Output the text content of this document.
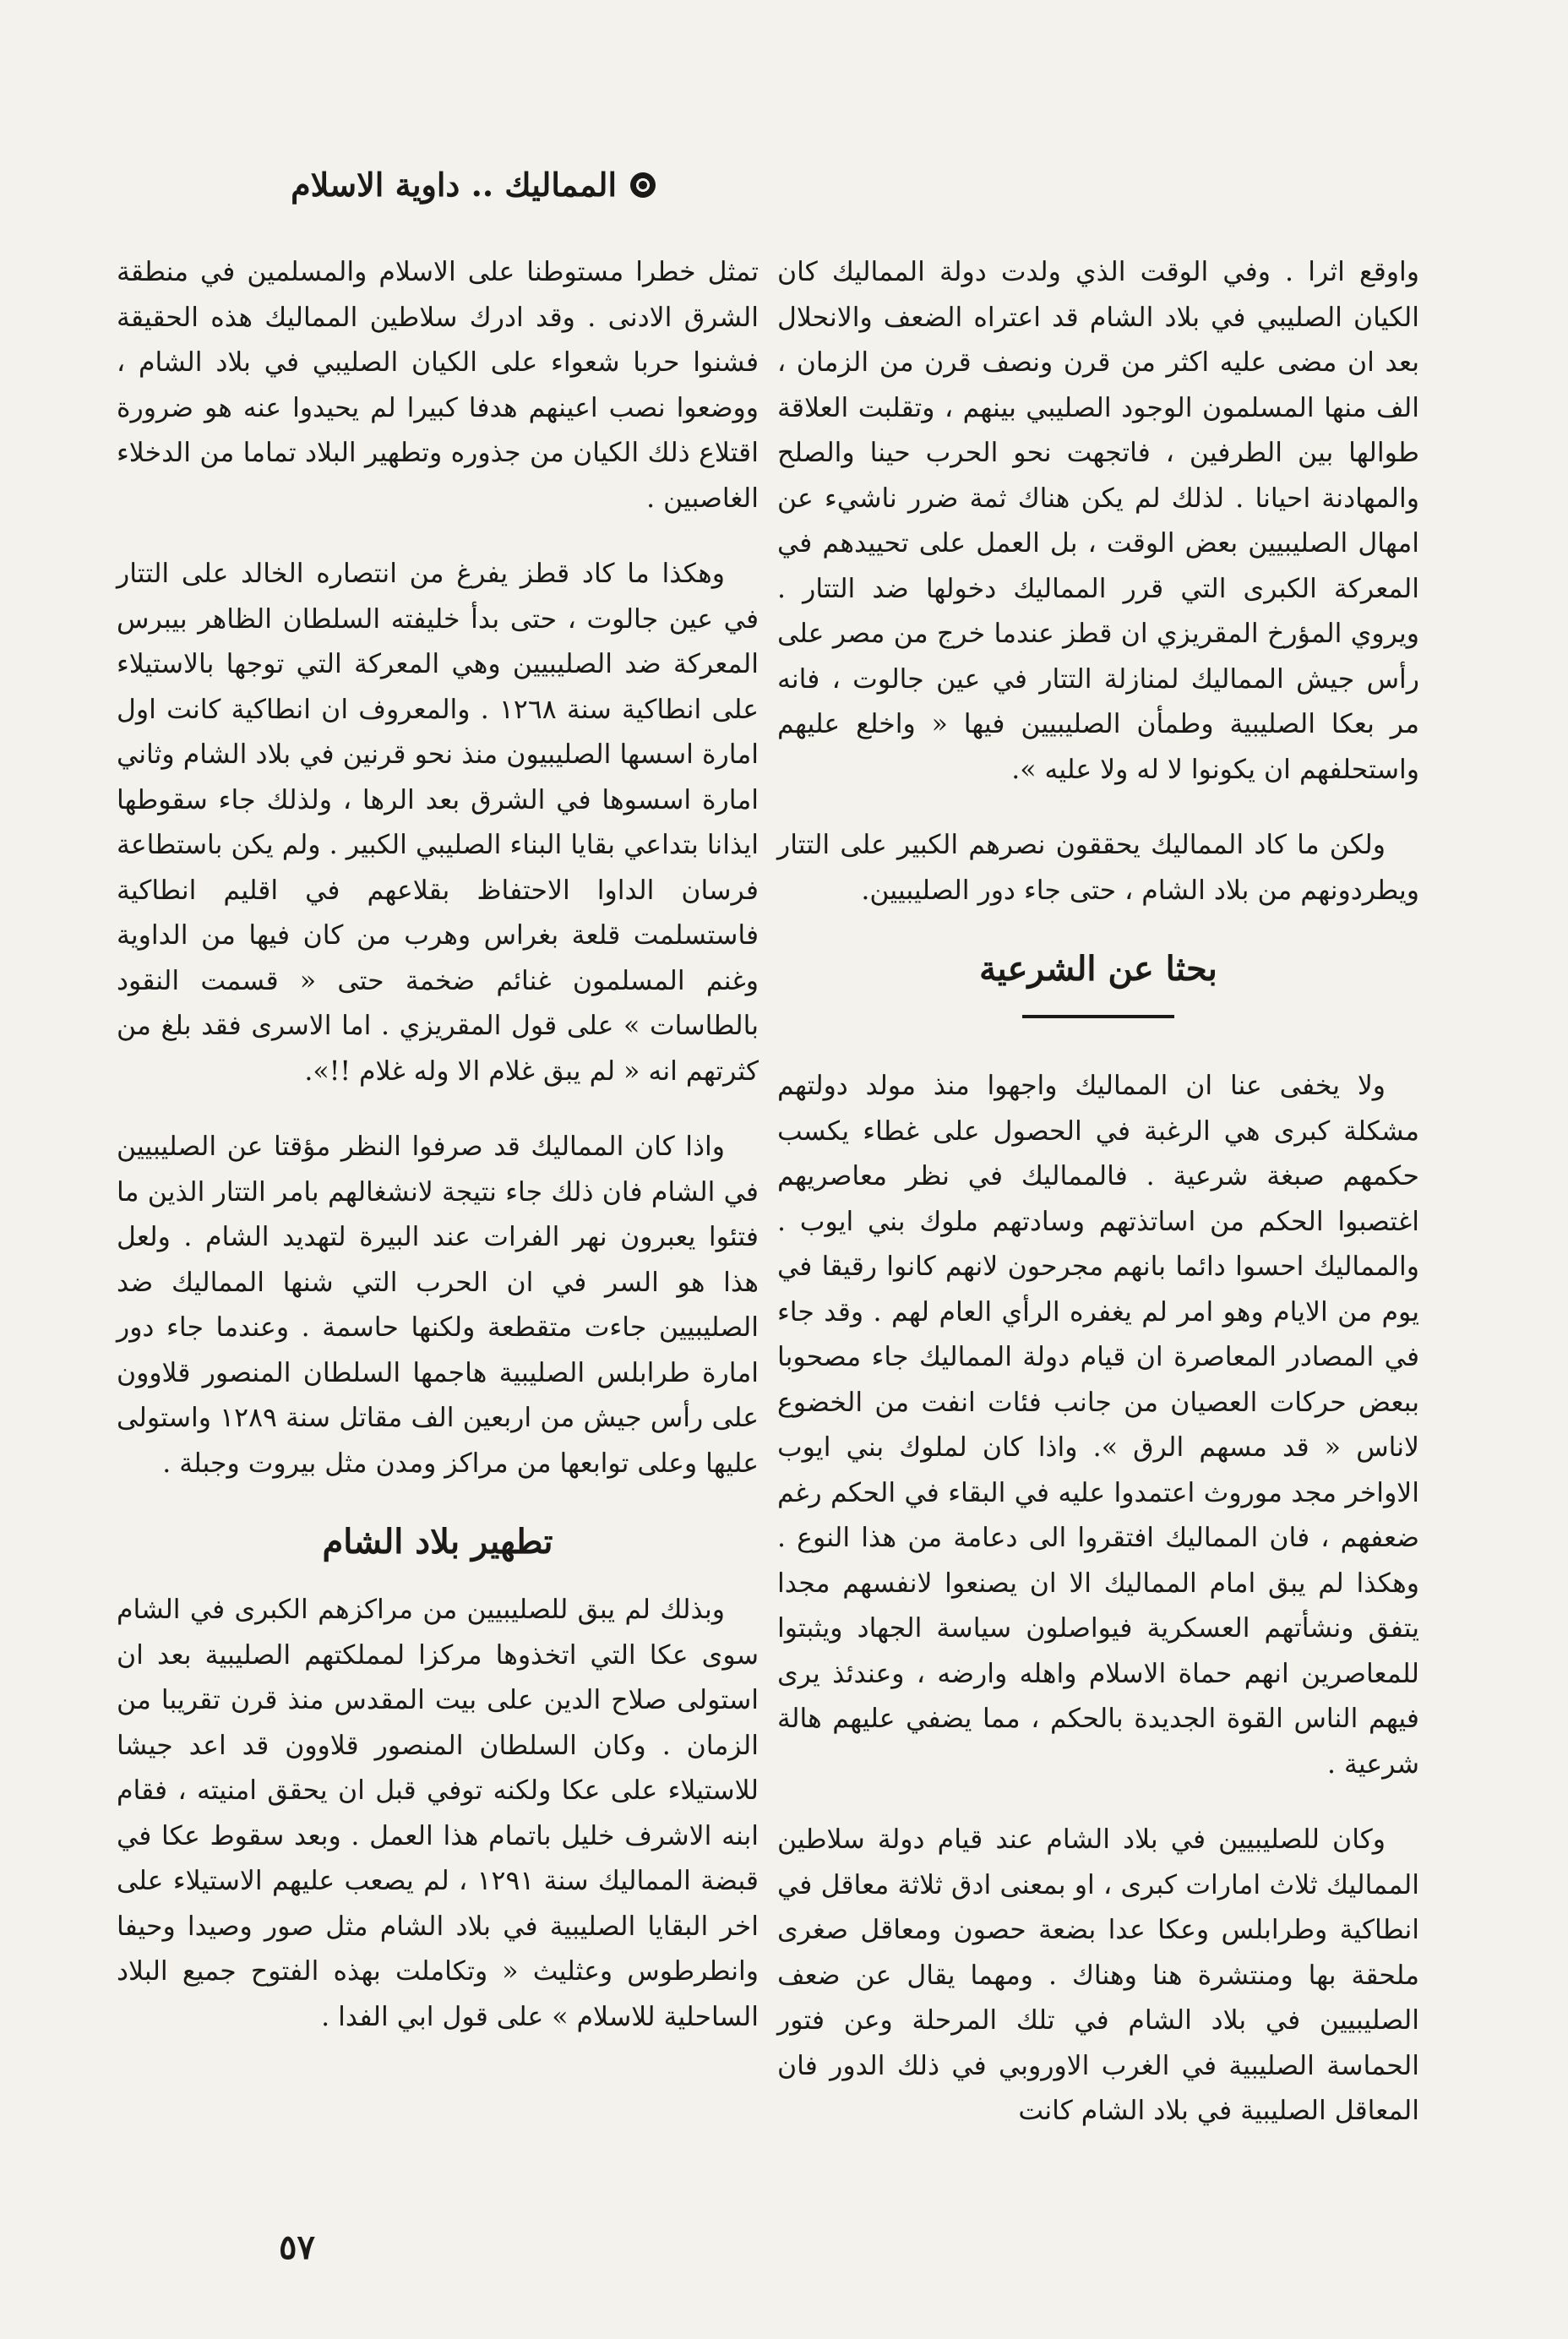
المماليك .. داوية الاسلام

واوقع اثرا . وفي الوقت الذي ولدت دولة المماليك كان الكيان الصليبي في بلاد الشام قد اعتراه الضعف والانحلال بعد ان مضى عليه اكثر من قرن ونصف قرن من الزمان ، الف منها المسلمون الوجود الصليبي بينهم ، وتقلبت العلاقة طوالها بين الطرفين ، فاتجهت نحو الحرب حينا والصلح والمهادنة احيانا . لذلك لم يكن هناك ثمة ضرر ناشيء عن امهال الصليبيين بعض الوقت ، بل العمل على تحييدهم في المعركة الكبرى التي قرر المماليك دخولها ضد التتار . ويروي المؤرخ المقريزي ان قطز عندما خرج من مصر على رأس جيش المماليك لمنازلة التتار في عين جالوت ، فانه مر بعكا الصليبية وطمأن الصليبيين فيها « واخلع عليهم واستحلفهم ان يكونوا لا له ولا عليه ».

ولكن ما كاد المماليك يحققون نصرهم الكبير على التتار ويطردونهم من بلاد الشام ، حتى جاء دور الصليبيين.

بحثا عن الشرعية

ولا يخفى عنا ان المماليك واجهوا منذ مولد دولتهم مشكلة كبرى هي الرغبة في الحصول على غطاء يكسب حكمهم صبغة شرعية . فالمماليك في نظر معاصريهم اغتصبوا الحكم من اساتذتهم وسادتهم ملوك بني ايوب . والمماليك احسوا دائما بانهم مجرحون لانهم كانوا رقيقا في يوم من الايام وهو امر لم يغفره الرأي العام لهم . وقد جاء في المصادر المعاصرة ان قيام دولة المماليك جاء مصحوبا ببعض حركات العصيان من جانب فئات انفت من الخضوع لاناس « قد مسهم الرق ». واذا كان لملوك بني ايوب الاواخر مجد موروث اعتمدوا عليه في البقاء في الحكم رغم ضعفهم ، فان المماليك افتقروا الى دعامة من هذا النوع . وهكذا لم يبق امام المماليك الا ان يصنعوا لانفسهم مجدا يتفق ونشأتهم العسكرية فيواصلون سياسة الجهاد ويثبتوا للمعاصرين انهم حماة الاسلام واهله وارضه ، وعندئذ يرى فيهم الناس القوة الجديدة بالحكم ، مما يضفي عليهم هالة شرعية .

وكان للصليبيين في بلاد الشام عند قيام دولة سلاطين المماليك ثلاث امارات كبرى ، او بمعنى ادق ثلاثة معاقل في انطاكية وطرابلس وعكا عدا بضعة حصون ومعاقل صغرى ملحقة بها ومنتشرة هنا وهناك . ومهما يقال عن ضعف الصليبيين في بلاد الشام في تلك المرحلة وعن فتور الحماسة الصليبية في الغرب الاوروبي في ذلك الدور فان المعاقل الصليبية في بلاد الشام كانت

تمثل خطرا مستوطنا على الاسلام والمسلمين في منطقة الشرق الادنى . وقد ادرك سلاطين المماليك هذه الحقيقة فشنوا حربا شعواء على الكيان الصليبي في بلاد الشام ، ووضعوا نصب اعينهم هدفا كبيرا لم يحيدوا عنه هو ضرورة اقتلاع ذلك الكيان من جذوره وتطهير البلاد تماما من الدخلاء الغاصبين .

وهكذا ما كاد قطز يفرغ من انتصاره الخالد على التتار في عين جالوت ، حتى بدأ خليفته السلطان الظاهر بيبرس المعركة ضد الصليبيين وهي المعركة التي توجها بالاستيلاء على انطاكية سنة ١٢٦٨ . والمعروف ان انطاكية كانت اول امارة اسسها الصليبيون منذ نحو قرنين في بلاد الشام وثاني امارة اسسوها في الشرق بعد الرها ، ولذلك جاء سقوطها ايذانا بتداعي بقايا البناء الصليبي الكبير . ولم يكن باستطاعة فرسان الداوا الاحتفاظ بقلاعهم في اقليم انطاكية فاستسلمت قلعة بغراس وهرب من كان فيها من الداوية وغنم المسلمون غنائم ضخمة حتى « قسمت النقود بالطاسات » على قول المقريزي . اما الاسرى فقد بلغ من كثرتهم انه « لم يبق غلام الا وله غلام !!».

واذا كان المماليك قد صرفوا النظر مؤقتا عن الصليبيين في الشام فان ذلك جاء نتيجة لانشغالهم بامر التتار الذين ما فتئوا يعبرون نهر الفرات عند البيرة لتهديد الشام . ولعل هذا هو السر في ان الحرب التي شنها المماليك ضد الصليبيين جاءت متقطعة ولكنها حاسمة . وعندما جاء دور امارة طرابلس الصليبية هاجمها السلطان المنصور قلاوون على رأس جيش من اربعين الف مقاتل سنة ١٢٨٩ واستولى عليها وعلى توابعها من مراكز ومدن مثل بيروت وجبلة .

تطهير بلاد الشام

وبذلك لم يبق للصليبيين من مراكزهم الكبرى في الشام سوى عكا التي اتخذوها مركزا لمملكتهم الصليبية بعد ان استولى صلاح الدين على بيت المقدس منذ قرن تقريبا من الزمان . وكان السلطان المنصور قلاوون قد اعد جيشا للاستيلاء على عكا ولكنه توفي قبل ان يحقق امنيته ، فقام ابنه الاشرف خليل باتمام هذا العمل . وبعد سقوط عكا في قبضة المماليك سنة ١٢٩١ ، لم يصعب عليهم الاستيلاء على اخر البقايا الصليبية في بلاد الشام مثل صور وصيدا وحيفا وانطرطوس وعثليث « وتكاملت بهذه الفتوح جميع البلاد الساحلية للاسلام » على قول ابي الفدا .

٥٧
